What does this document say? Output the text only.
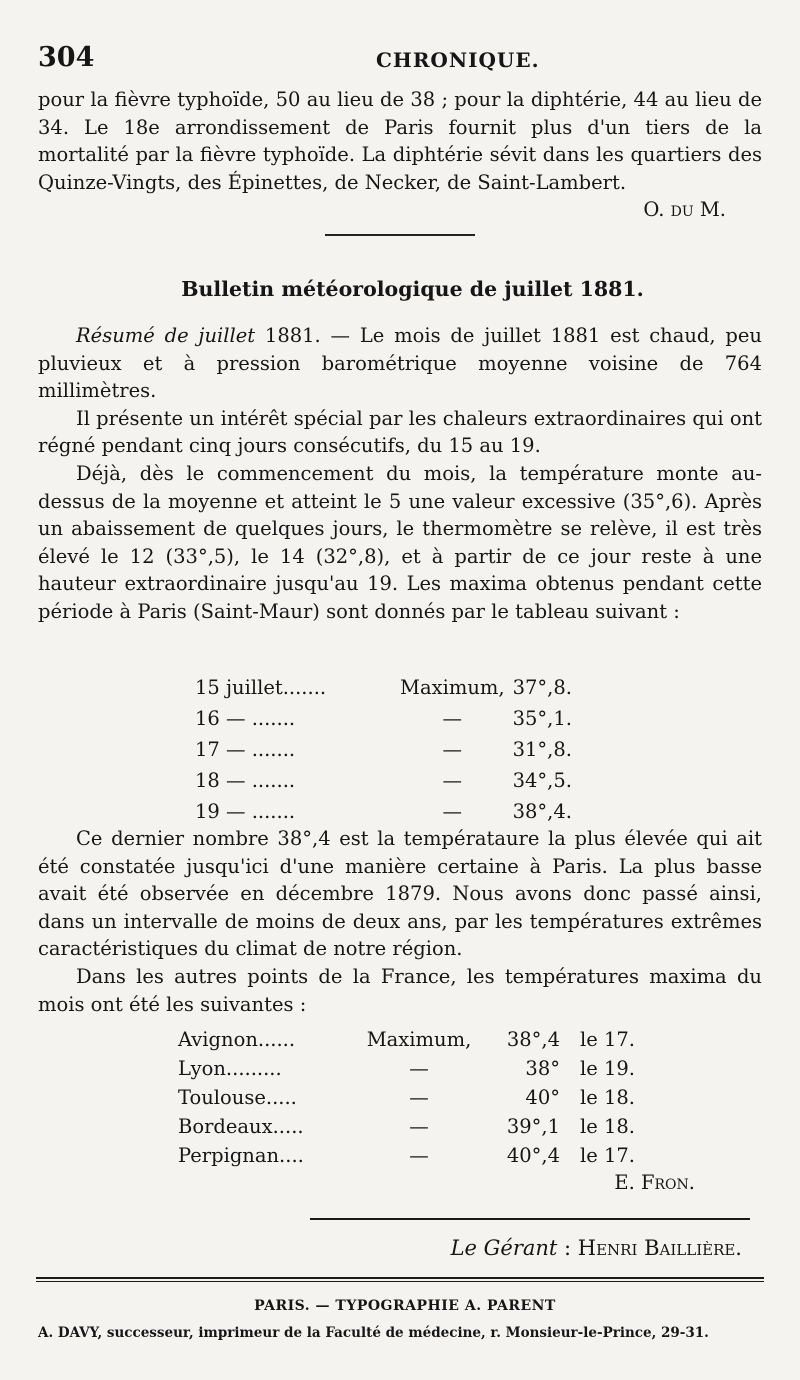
304	CHRONIQUE.

pour la fièvre typhoïde, 50 au lieu de 38 ; pour la diphtérie, 44 au lieu de 34. Le 18e arrondissement de Paris fournit plus d'un tiers de la mortalité par la fièvre typhoïde. La diphtérie sévit dans les quartiers des Quinze-Vingts, des Épinettes, de Necker, de Saint-Lambert.

O. du M.

Bulletin météorologique de juillet 1881.

Résumé de juillet 1881. — Le mois de juillet 1881 est chaud, peu pluvieux et à pression barométrique moyenne voisine de 764 millimètres.

Il présente un intérêt spécial par les chaleurs extraordinaires qui ont régné pendant cinq jours consécutifs, du 15 au 19.

Déjà, dès le commencement du mois, la température monte au-dessus de la moyenne et atteint le 5 une valeur excessive (35°,6). Après un abaissement de quelques jours, le thermomètre se relève, il est très élevé le 12 (33°,5), le 14 (32°,8), et à partir de ce jour reste à une hauteur extraordinaire jusqu'au 19. Les maxima obtenus pendant cette période à Paris (Saint-Maur) sont donnés par le tableau suivant :

15 juillet.......	Maximum,	37°,8.
16 — .......	—	35°,1.
17 — .......	—	31°,8.
18 — .......	—	34°,5.
19 — .......	—	38°,4.

Ce dernier nombre 38°,4 est la températaure la plus élevée qui ait été constatée jusqu'ici d'une manière certaine à Paris. La plus basse avait été observée en décembre 1879. Nous avons donc passé ainsi, dans un intervalle de moins de deux ans, par les températures extrêmes caractéristiques du climat de notre région.

Dans les autres points de la France, les températures maxima du mois ont été les suivantes :

Avignon......	Maximum,	38°,4	le 17.
Lyon.........	—	38°	le 19.
Toulouse.....	—	40°	le 18.
Bordeaux.....	—	39°,1	le 18.
Perpignan....	—	40°,4	le 17.
E. Fron.
Le Gérant : Henri Baillière.
PARIS. — TYPOGRAPHIE A. PARENT
A. DAVY, successeur, imprimeur de la Faculté de médecine, r. Monsieur-le-Prince, 29-31.
